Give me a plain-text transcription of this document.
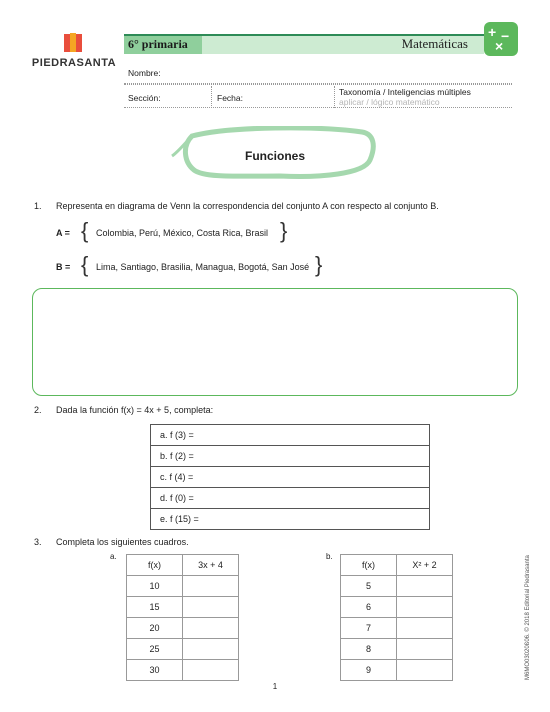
PIEDRASANTA
6° primaria	Matemáticas
+ −
×
Nombre:
Sección:	Fecha:
Taxonomía / Inteligencias múltiples
aplicar / lógico matemático
Funciones
1. Representa en diagrama de Venn la correspondencia del conjunto A con respecto al conjunto B.
A = { Colombia, Perú, México, Costa Rica, Brasil }
B = { Lima, Santiago, Brasilia, Managua, Bogotá, San José }
2. Dada la función f(x) = 4x + 5, completa:
a. f (3) =
b. f (2) =
c. f (4) =
d. f (0) =
e. f (15) =
3. Completa los siguientes cuadros.
a.
f(x)	3x + 4
10	
15	
20	
25	
30	
b.
f(x)	X² + 2
5	
6	
7	
8	
9		M6MO03020ß06. © 2018 Editorial Piedrasanta
1
